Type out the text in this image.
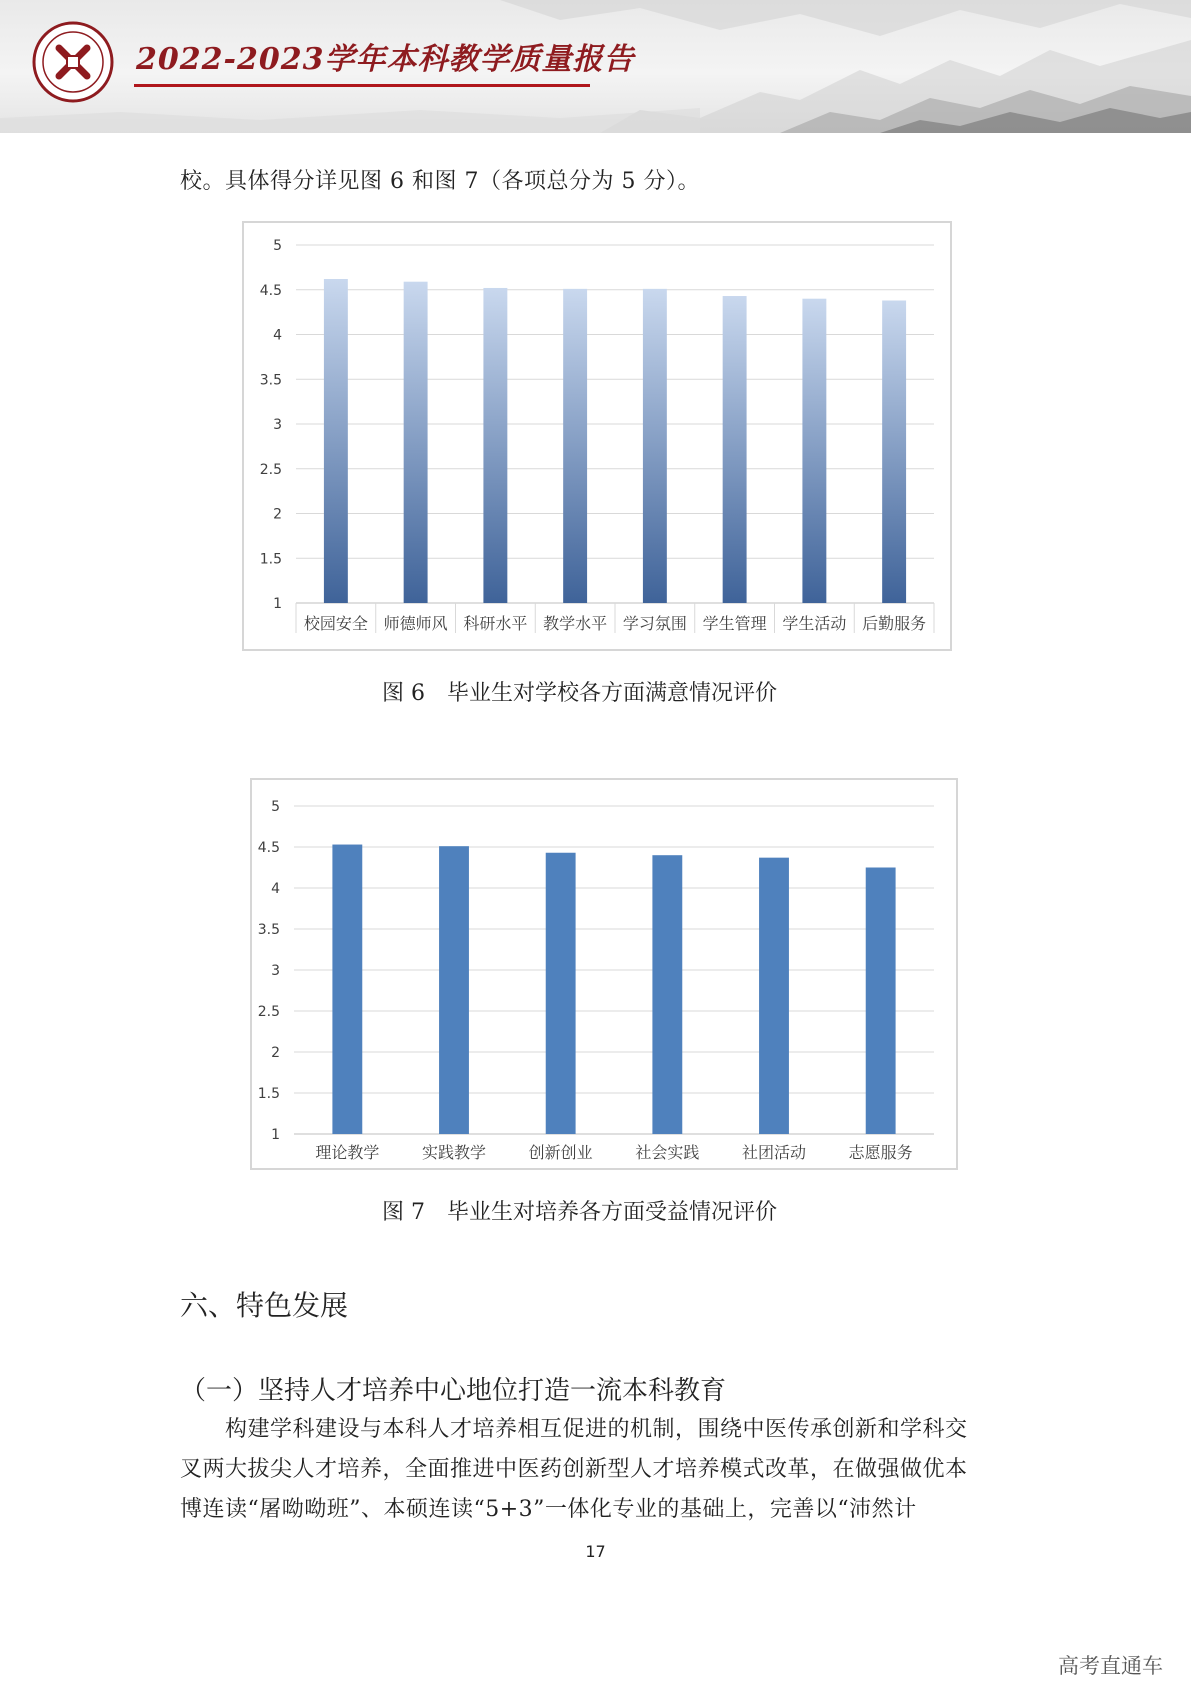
2022-2023学年本科教学质量报告

校。具体得分详见图 6 和图 7（各项总分为 5 分）。

1
1.5
2
2.5
3
3.5
4
4.5
5
校园安全 师德师风 科研水平 教学水平 学习氛围 学生管理 学生活动 后勤服务
图 6　毕业生对学校各方面满意情况评价
1
1.5
2
2.5
3
3.5
4
4.5
5
理论教学	实践教学	创新创业	社会实践	社团活动	志愿服务
图 7　毕业生对培养各方面受益情况评价
六、特色发展
（一）坚持人才培养中心地位打造一流本科教育

　　构建学科建设与本科人才培养相互促进的机制，围绕中医传承创新和学科交

叉两大拔尖人才培养，全面推进中医药创新型人才培养模式改革，在做强做优本

博连读“屠呦呦班”、本硕连读“5+3”一体化专业的基础上，完善以“沛然计

17
高考直通车
